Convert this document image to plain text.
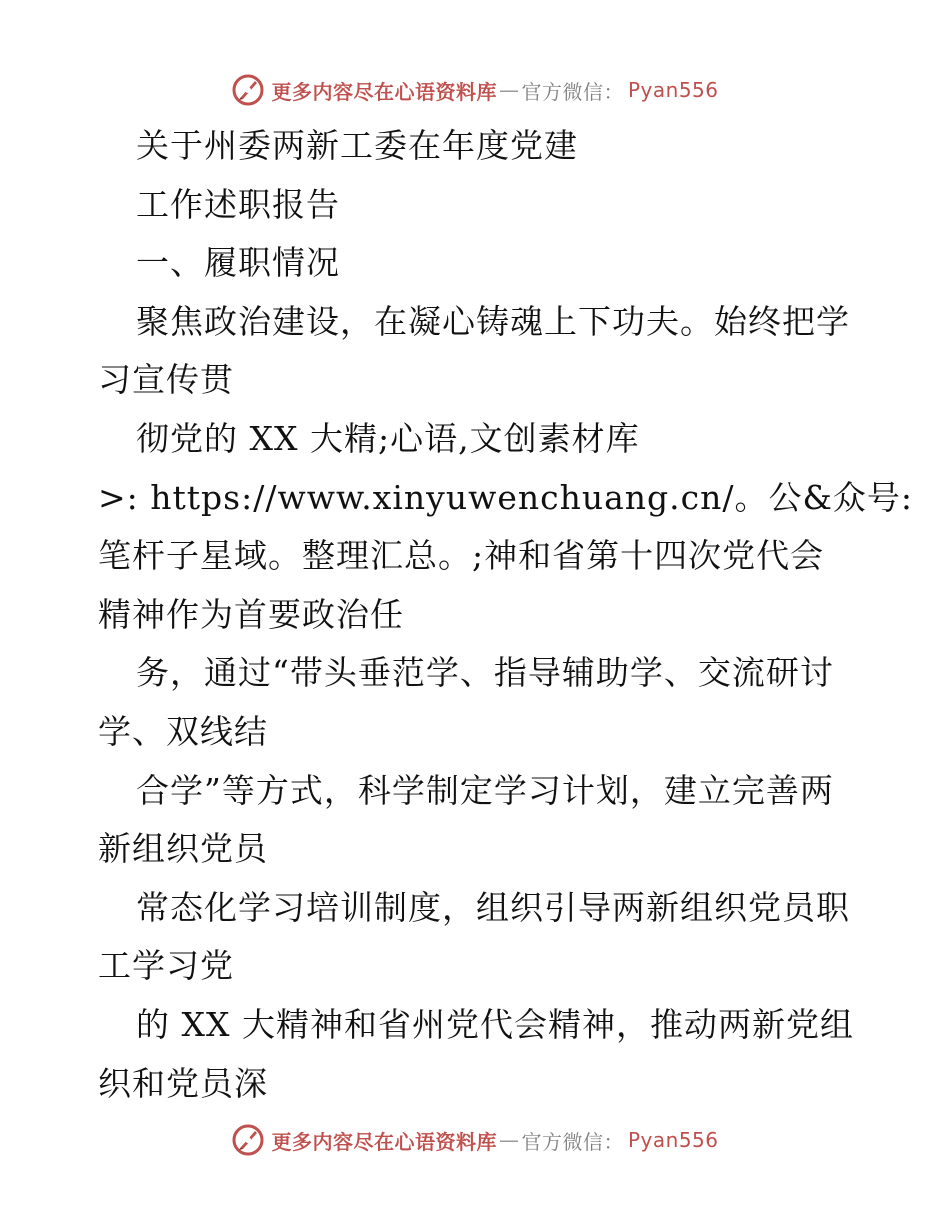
更多内容尽在心语资料库 — 官方微信： Pyan556
关于州委两新工委在年度党建
工作述职报告
一、履职情况
聚焦政治建设，在凝心铸魂上下功夫。始终把学
习宣传贯
彻党的 XX 大精;心语,文创素材库
>: https://www.xinyuwenchuang.cn/。公&众号:
笔杆子星域。整理汇总。;神和省第十四次党代会
精神作为首要政治任
务，通过“带头垂范学、指导辅助学、交流研讨
学、双线结
合学”等方式，科学制定学习计划，建立完善两
新组织党员
常态化学习培训制度，组织引导两新组织党员职
工学习党
的 XX 大精神和省州党代会精神，推动两新党组
织和党员深
更多内容尽在心语资料库 — 官方微信： Pyan556
